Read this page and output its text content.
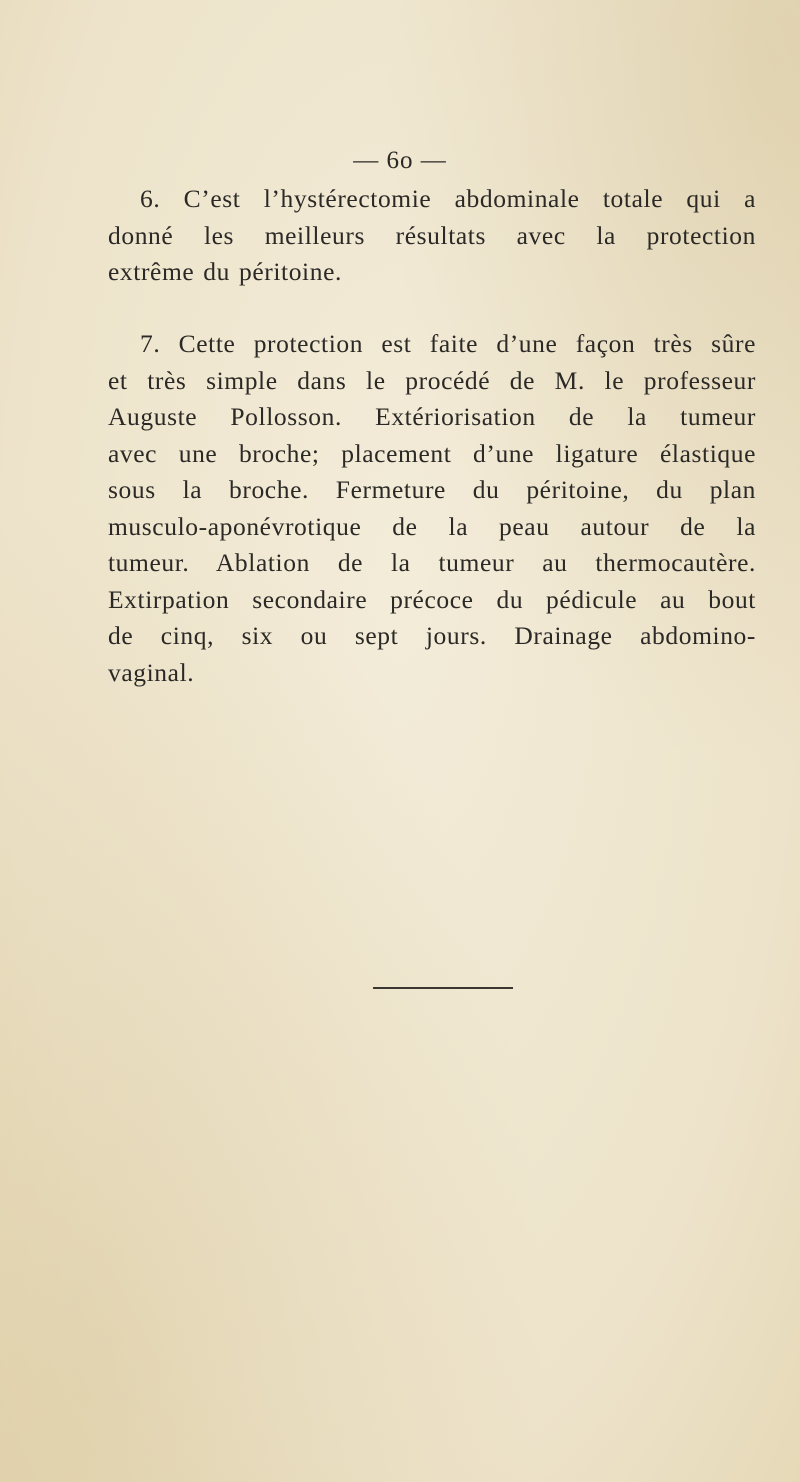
— 6o —
6. C’est l’hystérectomie abdominale totale qui a
donné les meilleurs résultats avec la protection
extrême du péritoine.
7. Cette protection est faite d’une façon très sûre
et très simple dans le procédé de M. le professeur
Auguste Pollosson. Extériorisation de la tumeur
avec une broche; placement d’une ligature élastique
sous la broche. Fermeture du péritoine, du plan
musculo-aponévrotique de la peau autour de la
tumeur. Ablation de la tumeur au thermocautère.
Extirpation secondaire précoce du pédicule au bout
de cinq, six ou sept jours. Drainage abdomino-
vaginal.
